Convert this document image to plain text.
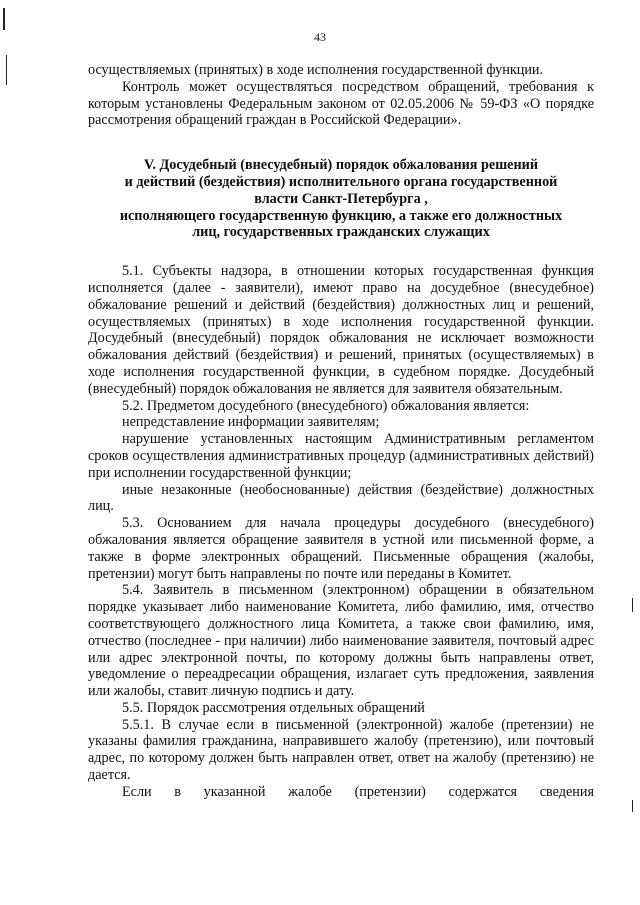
43

осуществляемых (принятых) в ходе исполнения государственной функции.

Контроль может осуществляться посредством обращений, требования к которым установлены Федеральным законом от 02.05.2006 № 59-ФЗ «О порядке рассмотрения обращений граждан в Российской Федерации».

V. Досудебный (внесудебный) порядок обжалования решений
и действий (бездействия) исполнительного органа государственной
власти Санкт-Петербурга ,
исполняющего государственную функцию, а также его должностных
лиц, государственных гражданских служащих

5.1. Субъекты надзора, в отношении которых государственная функция исполняется (далее - заявители), имеют право на досудебное (внесудебное) обжалование решений и действий (бездействия) должностных лиц и решений, осуществляемых (принятых) в ходе исполнения государственной функции. Досудебный (внесудебный) порядок обжалования не исключает возможности обжалования действий (бездействия) и решений, принятых (осуществляемых) в ходе исполнения государственной функции, в судебном порядке. Досудебный (внесудебный) порядок обжалования не является для заявителя обязательным.

5.2. Предметом досудебного (внесудебного) обжалования является:

непредставление информации заявителям;

нарушение установленных настоящим Административным регламентом сроков осуществления административных процедур (административных действий) при исполнении государственной функции;

иные незаконные (необоснованные) действия (бездействие) должностных лиц.

5.3. Основанием для начала процедуры досудебного (внесудебного) обжалования является обращение заявителя в устной или письменной форме, а также в форме электронных обращений. Письменные обращения (жалобы, претензии) могут быть направлены по почте или переданы в Комитет.

5.4. Заявитель в письменном (электронном) обращении в обязательном порядке указывает либо наименование Комитета, либо фамилию, имя, отчество соответствующего должностного лица Комитета, а также свои фамилию, имя, отчество (последнее - при наличии) либо наименование заявителя, почтовый адрес или адрес электронной почты, по которому должны быть направлены ответ, уведомление о переадресации обращения, излагает суть предложения, заявления или жалобы, ставит личную подпись и дату.

5.5. Порядок рассмотрения отдельных обращений

5.5.1. В случае если в письменной (электронной) жалобе (претензии) не указаны фамилия гражданина, направившего жалобу (претензию), или почтовый адрес, по которому должен быть направлен ответ, ответ на жалобу (претензию) не дается.

Если в указанной жалобе (претензии) содержатся сведения
